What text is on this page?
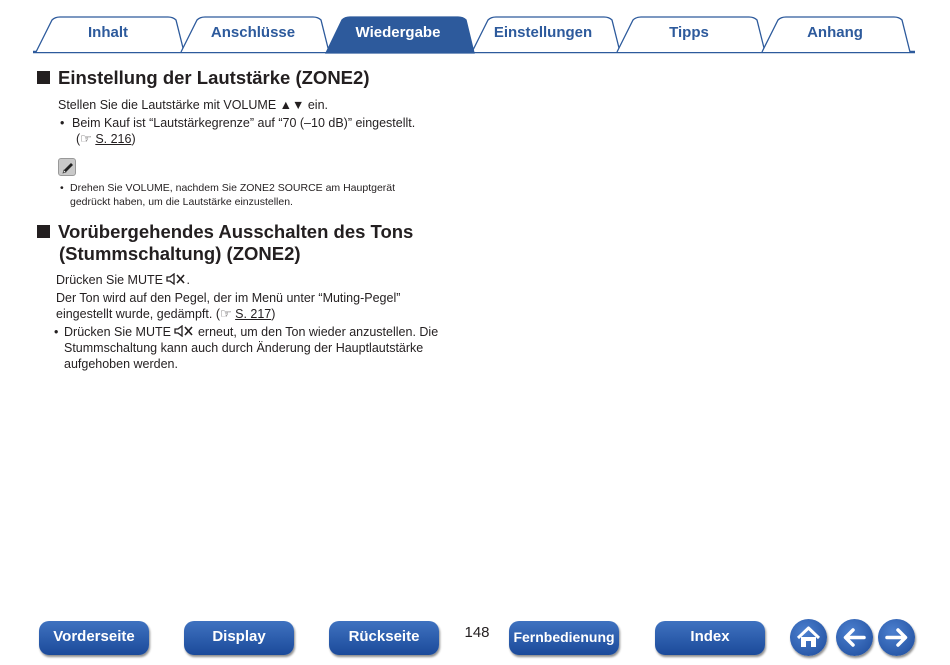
Inhalt	Anschlüsse	Wiedergabe	Einstellungen	Tipps	Anhang
Einstellung der Lautstärke (ZONE2)
Stellen Sie die Lautstärke mit VOLUME ▲▼ ein.
• Beim Kauf ist “Lautstärkegrenze” auf “70 (–10 dB)” eingestellt.
(☞ S. 216)
• Drehen Sie VOLUME, nachdem Sie ZONE2 SOURCE am Hauptgerät
gedrückt haben, um die Lautstärke einzustellen.
Vorübergehendes Ausschalten des Tons
(Stummschaltung) (ZONE2)
Drücken Sie MUTE .
Der Ton wird auf den Pegel, der im Menü unter “Muting-Pegel”
eingestellt wurde, gedämpft. (☞ S. 217)
• Drücken Sie MUTE erneut, um den Ton wieder anzustellen. Die
Stummschaltung kann auch durch Änderung der Hauptlautstärke
aufgehoben werden.
Vorderseite	Display	Rückseite	148	Fernbedienung	Index
